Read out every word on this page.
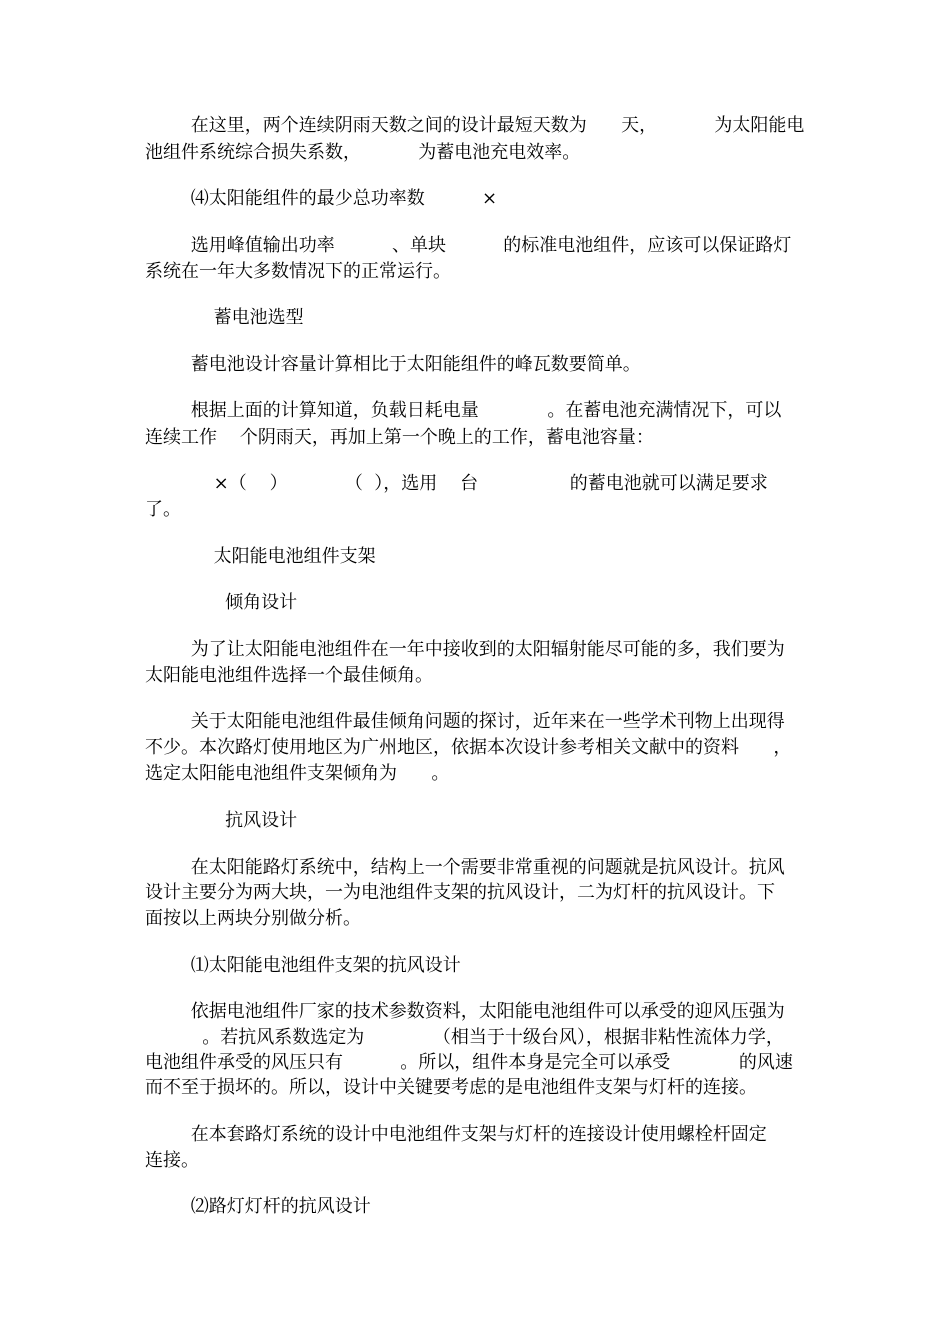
在这里，两个连续阴雨天数之间的设计最短天数为      天，          为太阳能电
池组件系统综合损失系数，          为蓄电池充电效率。
⑷太阳能组件的最少总功率数          ×
选用峰值输出功率          、单块          的标准电池组件，应该可以保证路灯
系统在一年大多数情况下的正常运行。
蓄电池选型
蓄电池设计容量计算相比于太阳能组件的峰瓦数要简单。
根据上面的计算知道，负载日耗电量            。在蓄电池充满情况下，可以
连续工作    个阴雨天，再加上第一个晚上的工作，蓄电池容量：
×（    ）          （  ），选用    台                的蓄电池就可以满足要求
了。
太阳能电池组件支架
倾角设计
为了让太阳能电池组件在一年中接收到的太阳辐射能尽可能的多，我们要为
太阳能电池组件选择一个最佳倾角。
关于太阳能电池组件最佳倾角问题的探讨，近年来在一些学术刊物上出现得
不少。本次路灯使用地区为广州地区，依据本次设计参考相关文献中的资料      ，
选定太阳能电池组件支架倾角为      。
抗风设计
在太阳能路灯系统中，结构上一个需要非常重视的问题就是抗风设计。抗风
设计主要分为两大块，一为电池组件支架的抗风设计，二为灯杆的抗风设计。下
面按以上两块分别做分析。
⑴太阳能电池组件支架的抗风设计
依据电池组件厂家的技术参数资料，太阳能电池组件可以承受的迎风压强为
。若抗风系数选定为            （相当于十级台风），根据非粘性流体力学，
电池组件承受的风压只有          。所以，组件本身是完全可以承受            的风速
而不至于损坏的。所以，设计中关键要考虑的是电池组件支架与灯杆的连接。
在本套路灯系统的设计中电池组件支架与灯杆的连接设计使用螺栓杆固定
连接。
⑵路灯灯杆的抗风设计
